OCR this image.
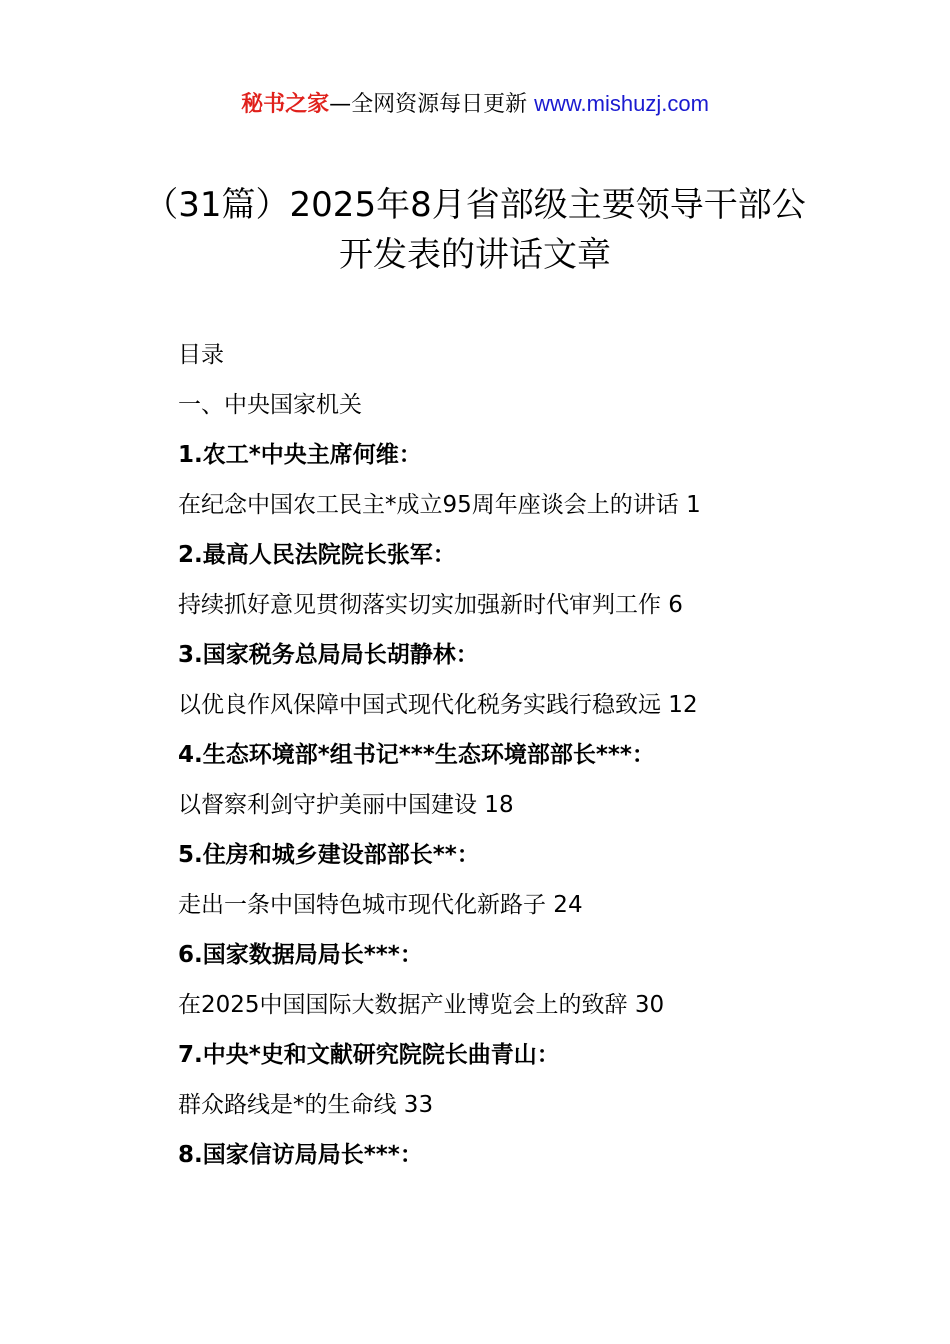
秘书之家—全网资源每日更新 www.mishuzj.com
（31篇）2025年8月省部级主要领导干部公
开发表的讲话文章
目录
一、中央国家机关
1.农工*中央主席何维：
在纪念中国农工民主*成立95周年座谈会上的讲话 1
2.最高人民法院院长张军：
持续抓好意见贯彻落实切实加强新时代审判工作 6
3.国家税务总局局长胡静林：
以优良作风保障中国式现代化税务实践行稳致远 12
4.生态环境部*组书记***生态环境部部长***：
以督察利剑守护美丽中国建设 18
5.住房和城乡建设部部长**：
走出一条中国特色城市现代化新路子 24
6.国家数据局局长***：
在2025中国国际大数据产业博览会上的致辞 30
7.中央*史和文献研究院院长曲青山：
群众路线是*的生命线 33
8.国家信访局局长***：
